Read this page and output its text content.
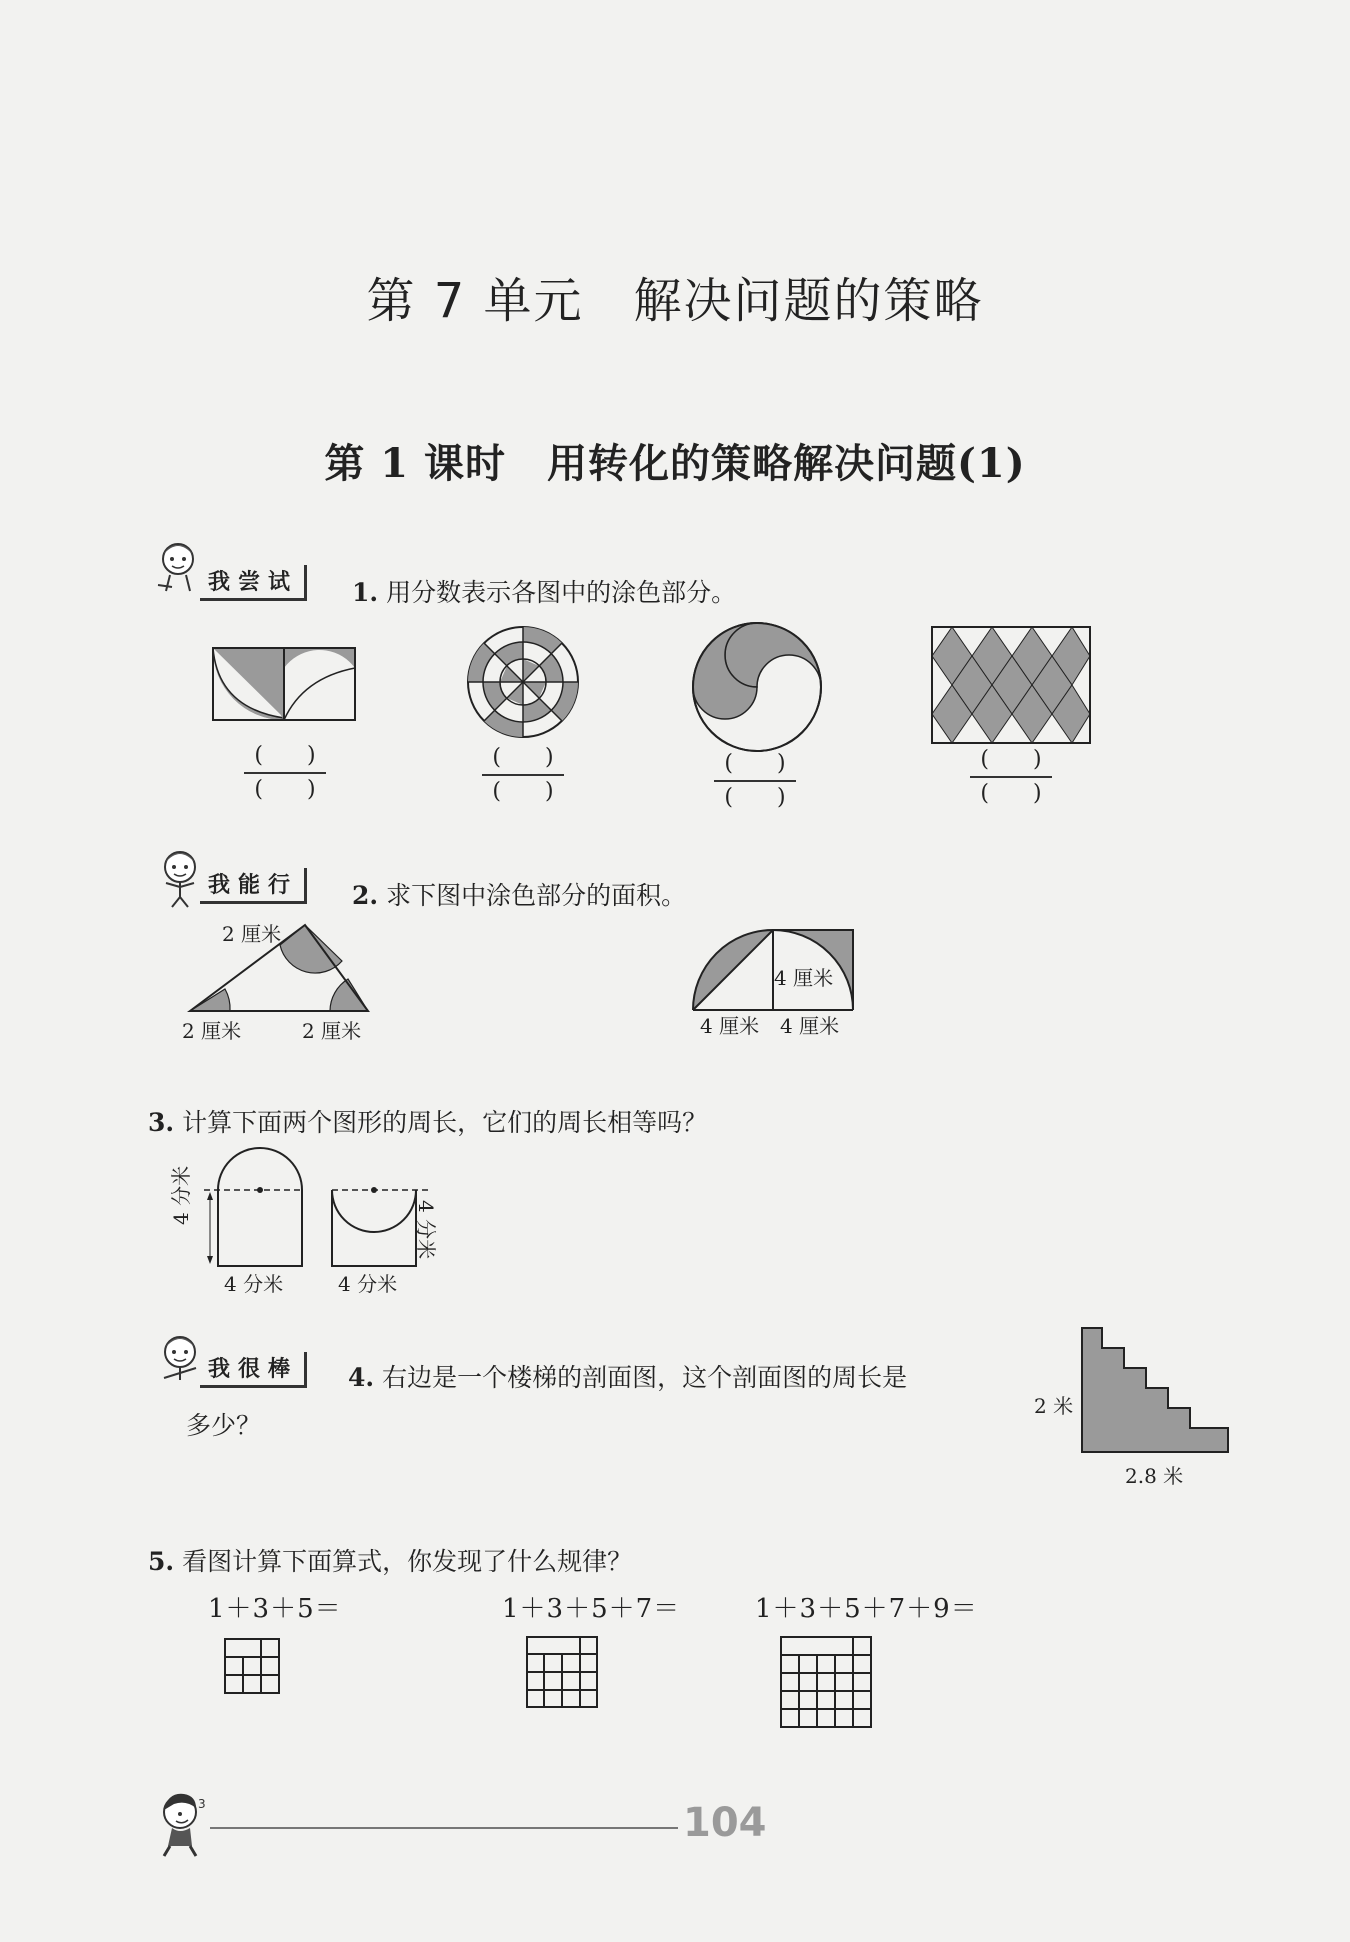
第 7 单元　解决问题的策略
第 1 课时　用转化的策略解决问题(1)
我尝试	1. 用分数表示各图中的涂色部分。
(　　)
(　　)
(　　)
(　　)
(　　)
(　　)
(　　)
(　　)
我能行	2. 求下图中涂色部分的面积。
2 厘米
2 厘米	2 厘米
4 厘米
4 厘米 4 厘米
3. 计算下面两个图形的周长，它们的周长相等吗？
4 分米
4 分米
4 分米
4 分米
我很棒	4. 右边是一个楼梯的剖面图，这个剖面图的周长是
多少？
2 米
2.8 米
5. 看图计算下面算式，你发现了什么规律？
1＋3＋5＝	1＋3＋5＋7＝	1＋3＋5＋7＋9＝
3	104
